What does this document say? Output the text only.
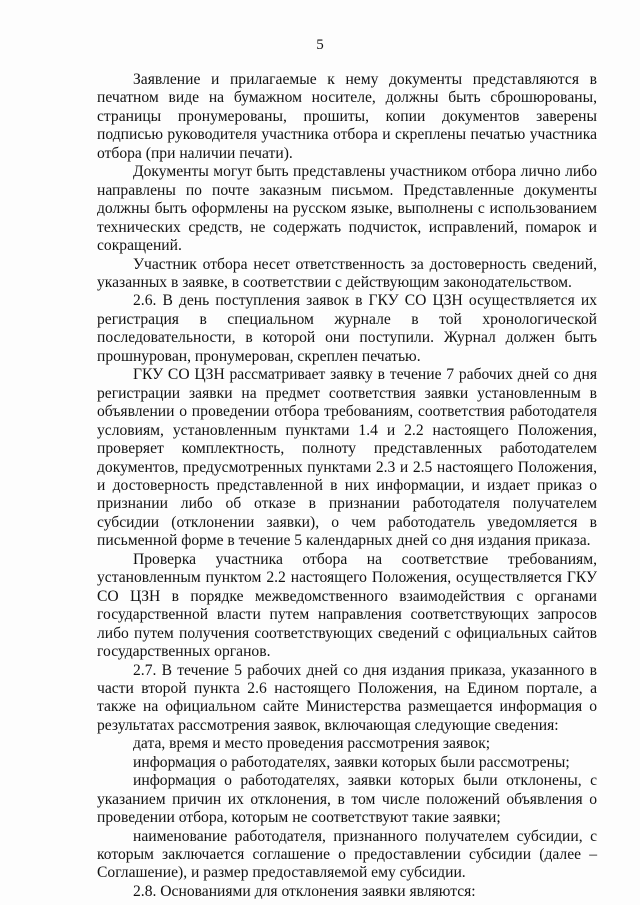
5

Заявление и прилагаемые к нему документы представляются в печатном виде на бумажном носителе, должны быть сброшюрованы, страницы пронумерованы, прошиты, копии документов заверены подписью руководителя участника отбора и скреплены печатью участника отбора (при наличии печати).

Документы могут быть представлены участником отбора лично либо направлены по почте заказным письмом. Представленные документы должны быть оформлены на русском языке, выполнены с использованием технических средств, не содержать подчисток, исправлений, помарок и сокращений.

Участник отбора несет ответственность за достоверность сведений, указанных в заявке, в соответствии с действующим законодательством.

2.6. В день поступления заявок в ГКУ СО ЦЗН осуществляется их регистрация в специальном журнале в той хронологической последовательности, в которой они поступили. Журнал должен быть прошнурован, пронумерован, скреплен печатью.

ГКУ СО ЦЗН рассматривает заявку в течение 7 рабочих дней со дня регистрации заявки на предмет соответствия заявки установленным в объявлении о проведении отбора требованиям, соответствия работодателя условиям, установленным пунктами 1.4 и 2.2 настоящего Положения, проверяет комплектность, полноту представленных работодателем документов, предусмотренных пунктами 2.3 и 2.5 настоящего Положения, и достоверность представленной в них информации, и издает приказ о признании либо об отказе в признании работодателя получателем субсидии (отклонении заявки), о чем работодатель уведомляется в письменной форме в течение 5 календарных дней со дня издания приказа.

Проверка участника отбора на соответствие требованиям, установленным пунктом 2.2 настоящего Положения, осуществляется ГКУ СО ЦЗН в порядке межведомственного взаимодействия с органами государственной власти путем направления соответствующих запросов либо путем получения соответствующих сведений с официальных сайтов государственных органов.

2.7. В течение 5 рабочих дней со дня издания приказа, указанного в части второй пункта 2.6 настоящего Положения, на Едином портале, а также на официальном сайте Министерства размещается информация о результатах рассмотрения заявок, включающая следующие сведения:

дата, время и место проведения рассмотрения заявок;

информация о работодателях, заявки которых были рассмотрены;

информация о работодателях, заявки которых были отклонены, с указанием причин их отклонения, в том числе положений объявления о проведении отбора, которым не соответствуют такие заявки;

наименование работодателя, признанного получателем субсидии, с которым заключается соглашение о предоставлении субсидии (далее – Соглашение), и размер предоставляемой ему субсидии.

2.8. Основаниями для отклонения заявки являются:
